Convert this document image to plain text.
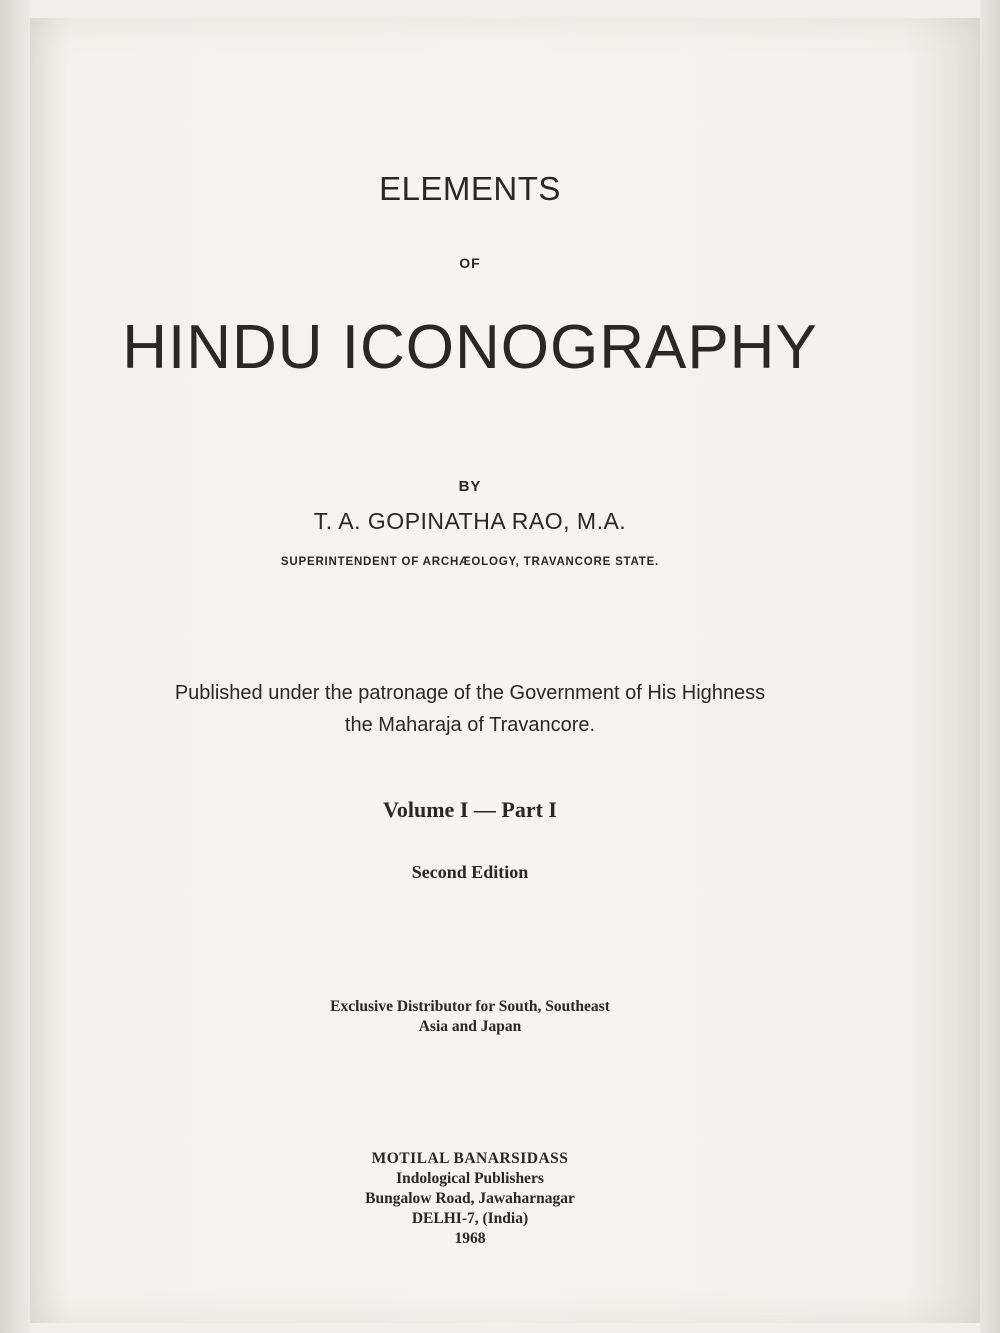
ELEMENTS
OF
HINDU ICONOGRAPHY
BY
T. A. GOPINATHA RAO, M.A.
SUPERINTENDENT OF ARCHÆOLOGY, TRAVANCORE STATE.
Published under the patronage of the Government of His Highness
the Maharaja of Travancore.
Volume I — Part I
Second Edition
Exclusive Distributor for South, Southeast
Asia and Japan
MOTILAL BANARSIDASS
Indological Publishers
Bungalow Road, Jawaharnagar
DELHI-7, (India)
1968
